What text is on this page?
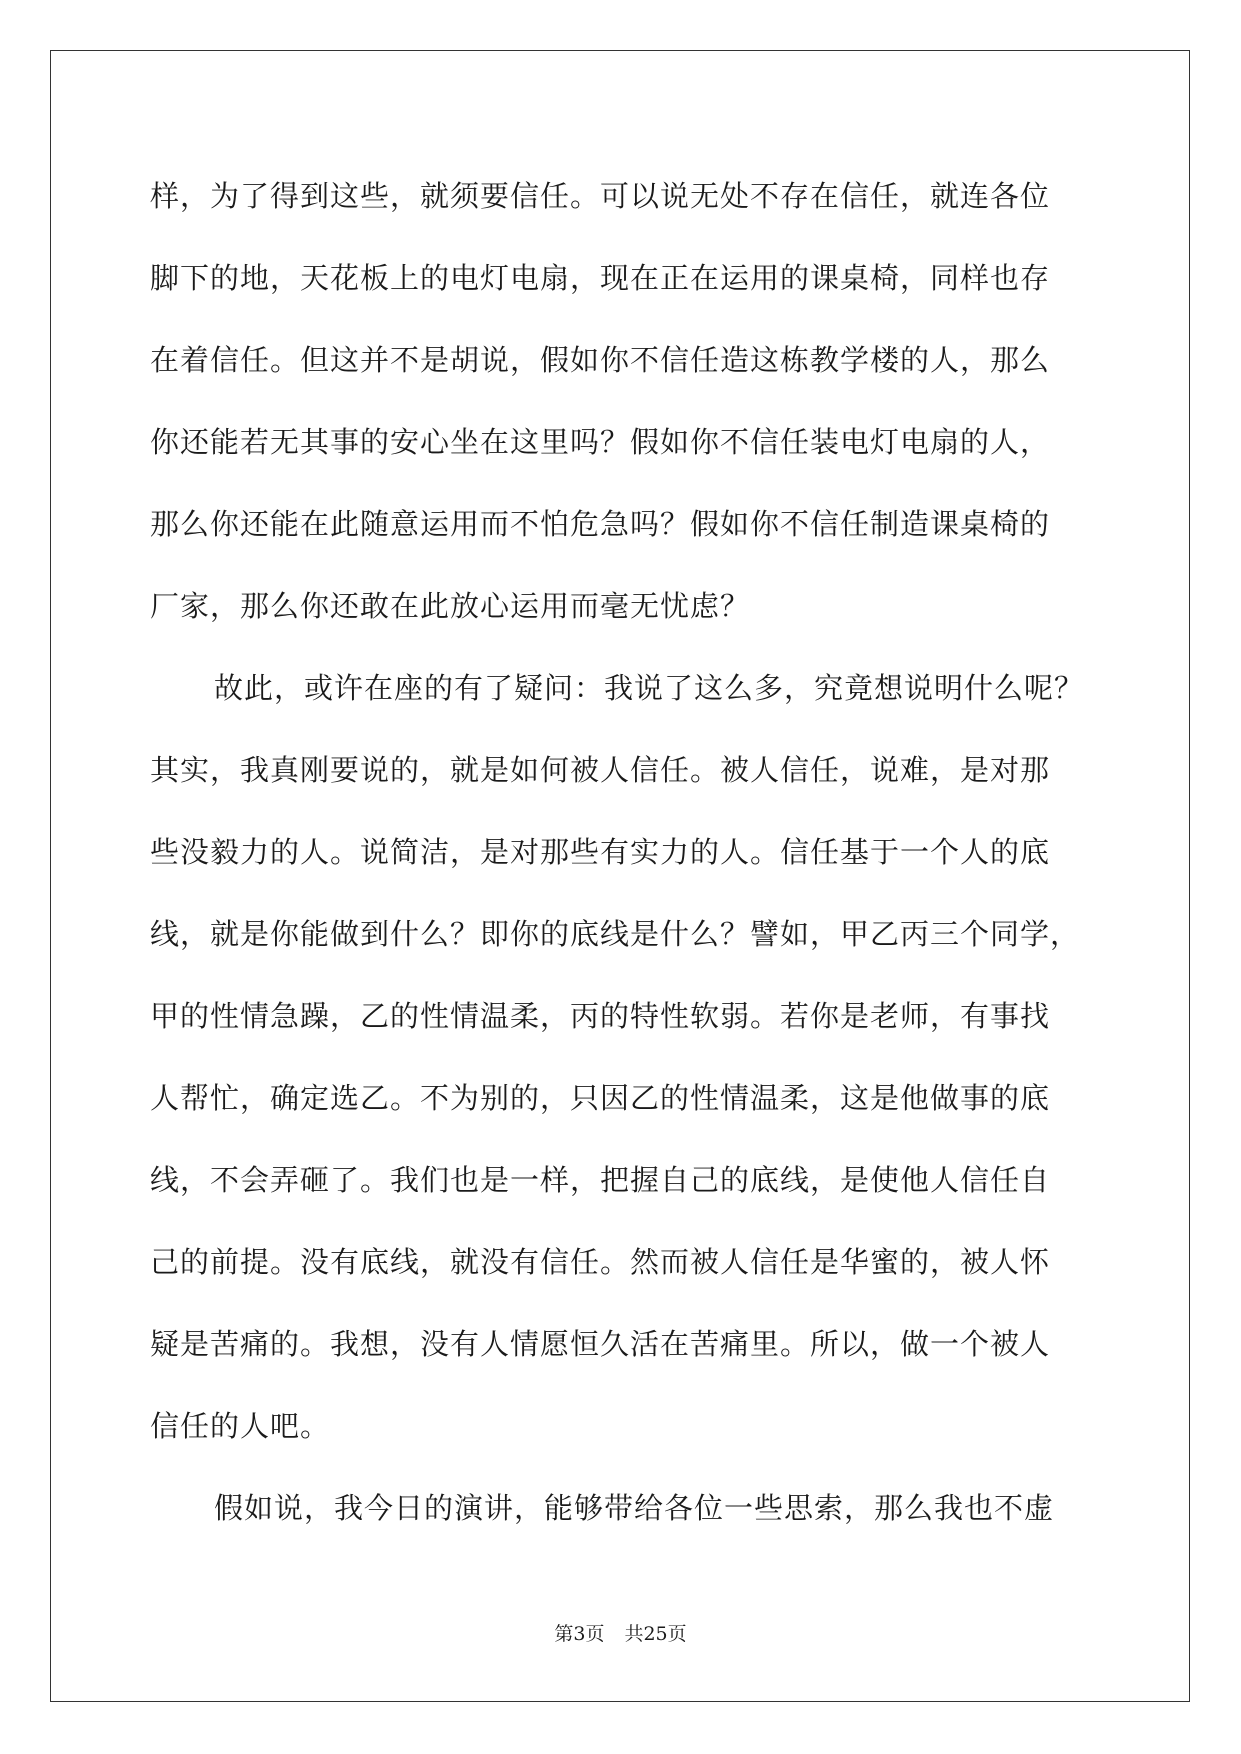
样，为了得到这些，就须要信任。可以说无处不存在信任，就连各位
脚下的地，天花板上的电灯电扇，现在正在运用的课桌椅，同样也存
在着信任。但这并不是胡说，假如你不信任造这栋教学楼的人，那么
你还能若无其事的安心坐在这里吗？假如你不信任装电灯电扇的人，
那么你还能在此随意运用而不怕危急吗？假如你不信任制造课桌椅的
厂家，那么你还敢在此放心运用而毫无忧虑？
故此，或许在座的有了疑问：我说了这么多，究竟想说明什么呢？
其实，我真刚要说的，就是如何被人信任。被人信任，说难，是对那
些没毅力的人。说简洁，是对那些有实力的人。信任基于一个人的底
线，就是你能做到什么？即你的底线是什么？譬如，甲乙丙三个同学，
甲的性情急躁，乙的性情温柔，丙的特性软弱。若你是老师，有事找
人帮忙，确定选乙。不为别的，只因乙的性情温柔，这是他做事的底
线，不会弄砸了。我们也是一样，把握自己的底线，是使他人信任自
己的前提。没有底线，就没有信任。然而被人信任是华蜜的，被人怀
疑是苦痛的。我想，没有人情愿恒久活在苦痛里。所以，做一个被人
信任的人吧。
假如说，我今日的演讲，能够带给各位一些思索，那么我也不虚
第3页 共25页
